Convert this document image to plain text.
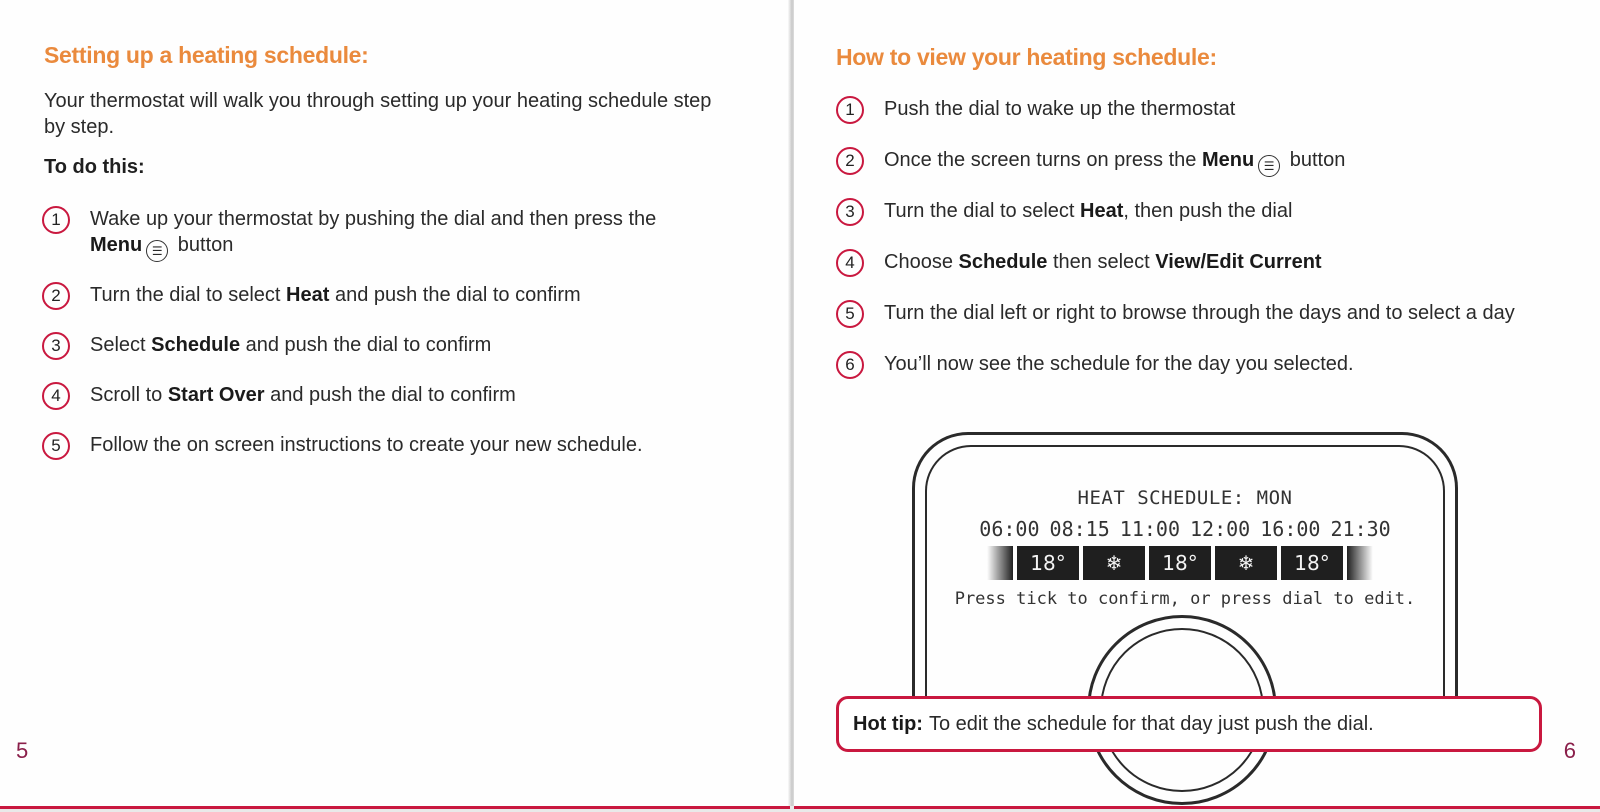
Setting up a heating schedule:

Your thermostat will walk you through setting up your heating schedule step by step.

To do this:

1	Wake up your thermostat by pushing the dial and then press the Menu ☰ button
2	Turn the dial to select Heat and push the dial to confirm
3	Select Schedule and push the dial to confirm
4	Scroll to Start Over and push the dial to confirm
5	Follow the on screen instructions to create your new schedule.
5	6
How to view your heating schedule:
1	Push the dial to wake up the thermostat
2	Once the screen turns on press the Menu ☰ button
3	Turn the dial to select Heat, then push the dial
4	Choose Schedule then select View/Edit Current
5	Turn the dial left or right to browse through the days and to select a day
6	You’ll now see the schedule for the day you selected.
HEAT SCHEDULE: MON
06:00 08:15 11:00 12:00 16:00 21:30
18°	❄	18°	❄	18°
Press tick to confirm, or press dial to edit.
Hot tip: To edit the schedule for that day just push the dial.
